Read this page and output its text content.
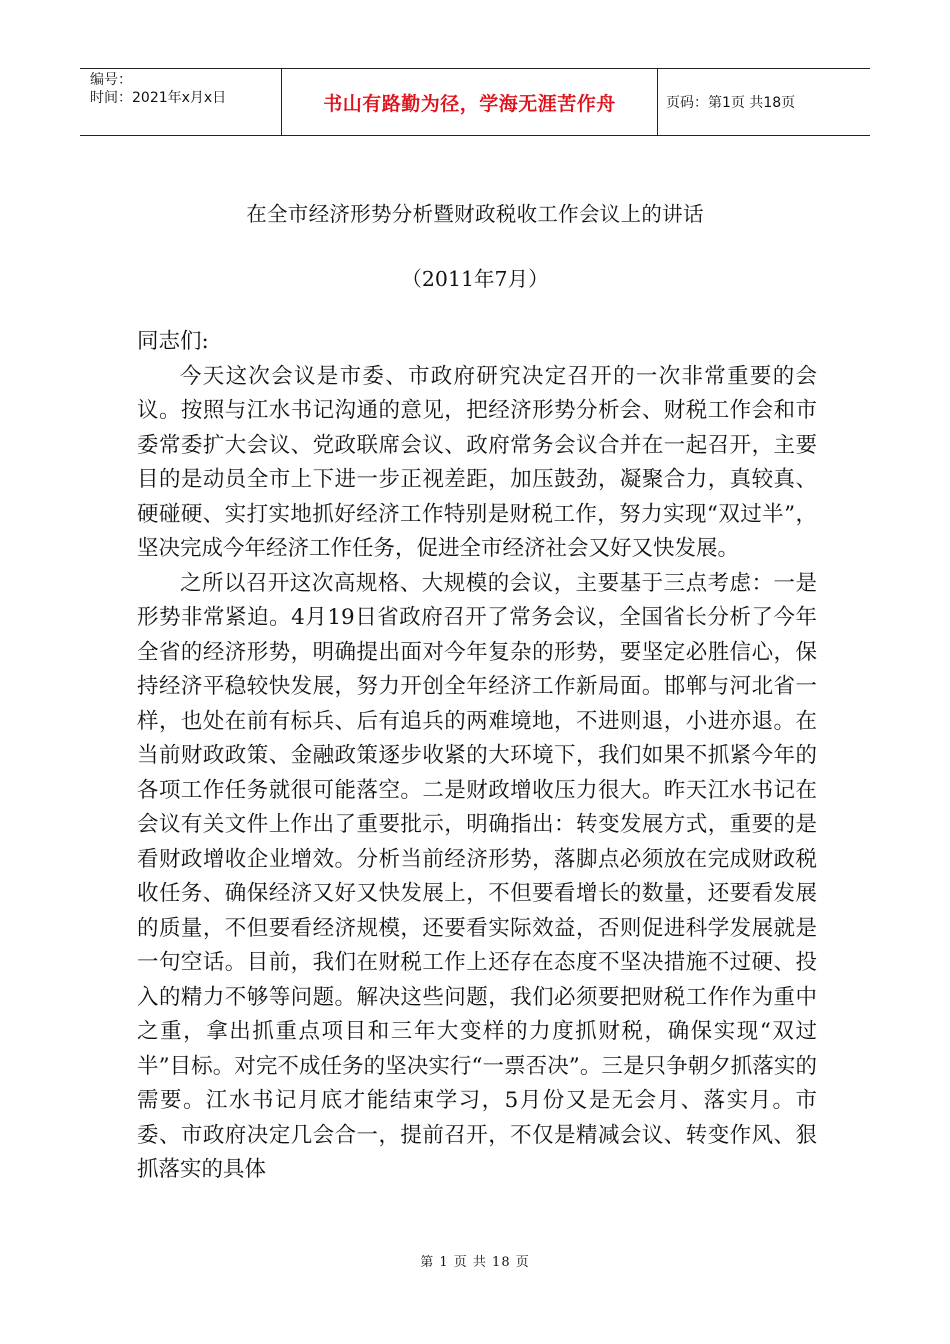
编号：
时间：2021年x月x日	书山有路勤为径，学海无涯苦作舟	页码：第1页 共18页
在全市经济形势分析暨财政税收工作会议上的讲话
（2011年7月）

同志们:

今天这次会议是市委、市政府研究决定召开的一次非常重要的会议。按照与江水书记沟通的意见，把经济形势分析会、财税工作会和市委常委扩大会议、党政联席会议、政府常务会议合并在一起召开，主要目的是动员全市上下进一步正视差距，加压鼓劲，凝聚合力，真较真、硬碰硬、实打实地抓好经济工作特别是财税工作，努力实现“双过半”，坚决完成今年经济工作任务，促进全市经济社会又好又快发展。

之所以召开这次高规格、大规模的会议，主要基于三点考虑：一是形势非常紧迫。4月19日省政府召开了常务会议，全国省长分析了今年全省的经济形势，明确提出面对今年复杂的形势，要坚定必胜信心，保持经济平稳较快发展，努力开创全年经济工作新局面。邯郸与河北省一样，也处在前有标兵、后有追兵的两难境地，不进则退，小进亦退。在当前财政政策、金融政策逐步收紧的大环境下，我们如果不抓紧今年的各项工作任务就很可能落空。二是财政增收压力很大。昨天江水书记在会议有关文件上作出了重要批示，明确指出：转变发展方式，重要的是看财政增收企业增效。分析当前经济形势，落脚点必须放在完成财政税收任务、确保经济又好又快发展上，不但要看增长的数量，还要看发展的质量，不但要看经济规模，还要看实际效益，否则促进科学发展就是一句空话。目前，我们在财税工作上还存在态度不坚决措施不过硬、投入的精力不够等问题。解决这些问题，我们必须要把财税工作作为重中之重，拿出抓重点项目和三年大变样的力度抓财税，确保实现“双过半”目标。对完不成任务的坚决实行“一票否决”。三是只争朝夕抓落实的需要。江水书记月底才能结束学习，5月份又是无会月、落实月。市委、市政府决定几会合一，提前召开，不仅是精减会议、转变作风、狠抓落实的具体

第 1 页 共 18 页
